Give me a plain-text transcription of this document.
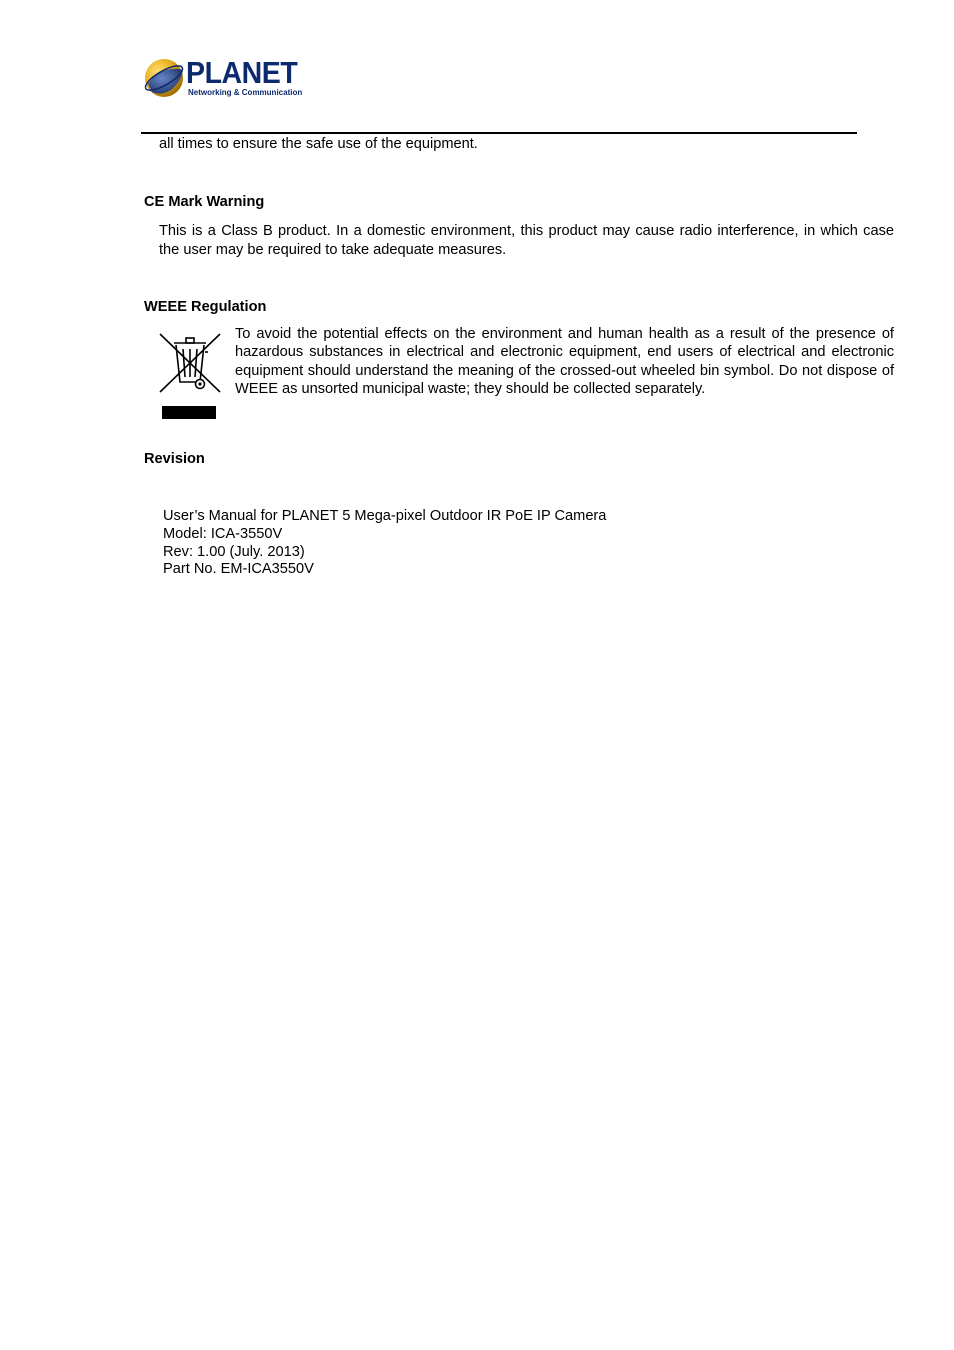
PLANET
Networking & Communication
all times to ensure the safe use of the equipment.
CE Mark Warning
This is a Class B product. In a domestic environment, this product may cause radio interference, in which case the user may be required to take adequate measures.
WEEE Regulation
To avoid the potential effects on the environment and human health as a result of the presence of hazardous substances in electrical and electronic equipment, end users of electrical and electronic equipment should understand the meaning of the crossed-out wheeled bin symbol. Do not dispose of WEEE as unsorted municipal waste; they should be collected separately.
Revision
User’s Manual for PLANET 5 Mega-pixel Outdoor IR PoE IP Camera
Model: ICA-3550V
Rev: 1.00 (July. 2013)
Part No. EM-ICA3550V
